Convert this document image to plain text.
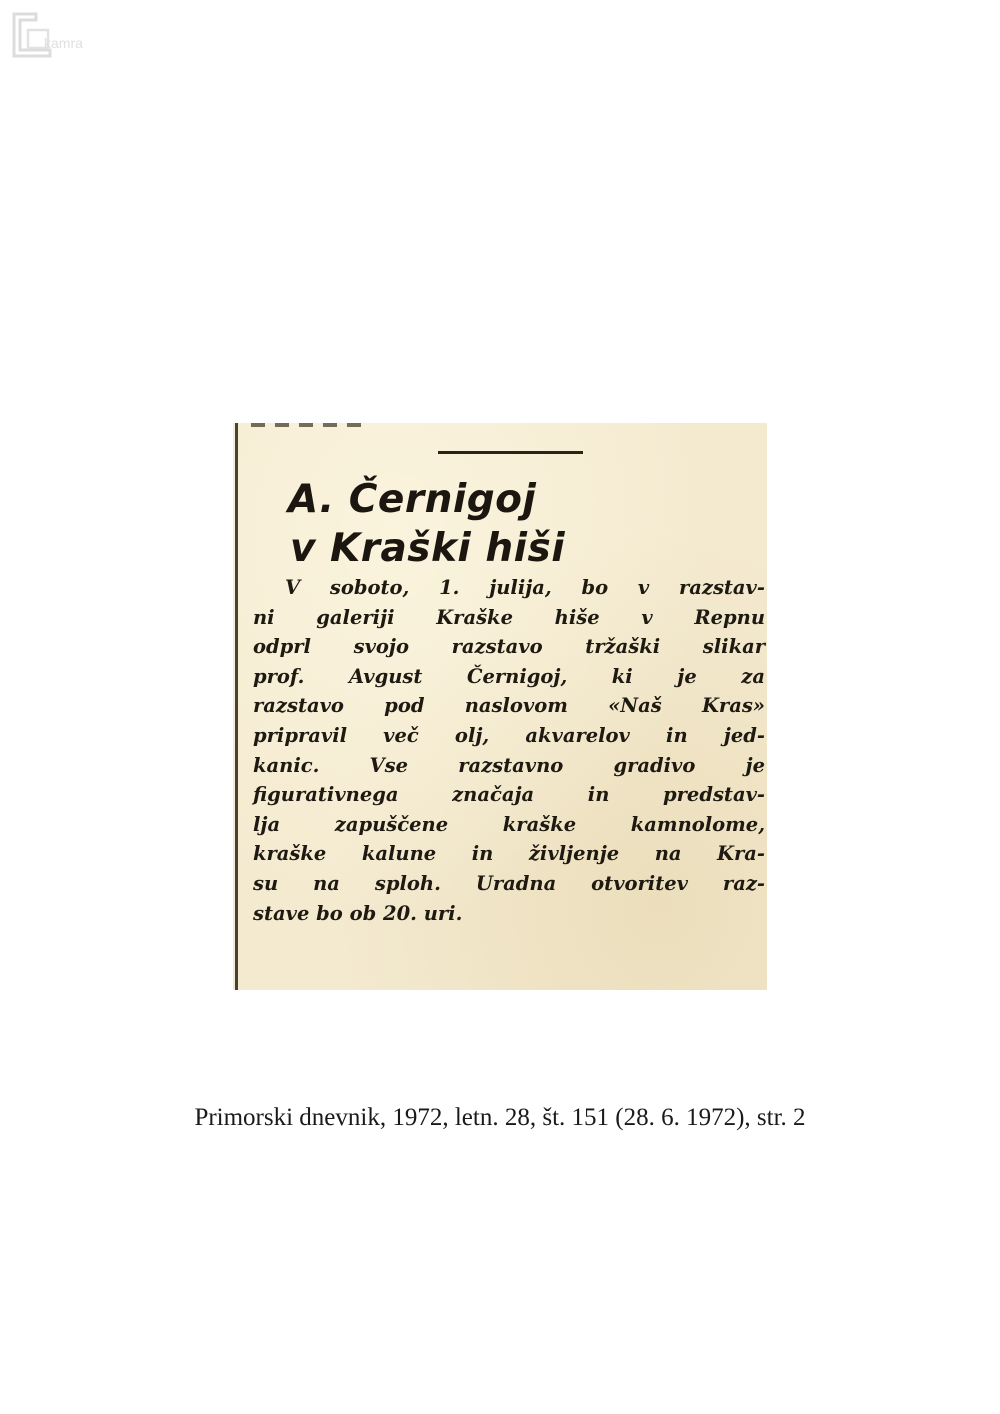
kamra
A. Černigoj
v Kraški hiši
V soboto, 1. julija, bo v razstav-
ni galeriji Kraške hiše v Repnu
odprl svojo razstavo tržaški slikar
prof. Avgust Černigoj, ki je za
razstavo pod naslovom «Naš Kras»
pripravil več olj, akvarelov in jed-
kanic. Vse razstavno gradivo je
figurativnega značaja in predstav-
lja zapuščene kraške kamnolome,
kraške kalune in življenje na Kra-
su na sploh. Uradna otvoritev raz-
stave bo ob 20. uri.

Primorski dnevnik, 1972, letn. 28, št. 151 (28. 6. 1972), str. 2
